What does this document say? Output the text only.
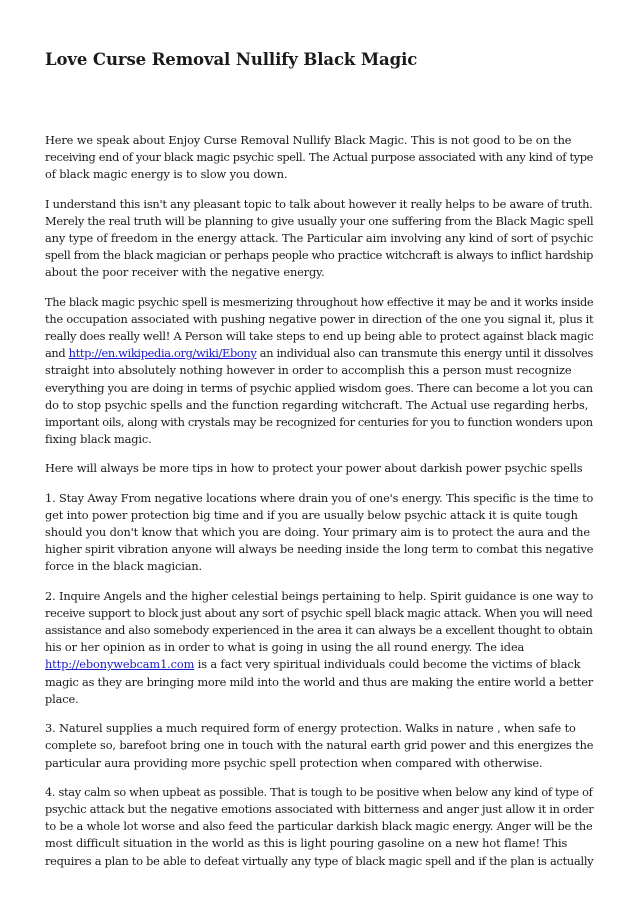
Love Curse Removal Nullify Black Magic

Here we speak about Enjoy Curse Removal Nullify Black Magic. This is not good to be on the
receiving end of your black magic psychic spell. The Actual purpose associated with any kind of type
of black magic energy is to slow you down.

I understand this isn't any pleasant topic to talk about however it really helps to be aware of truth.
Merely the real truth will be planning to give usually your one suffering from the Black Magic spell
any type of freedom in the energy attack. The Particular aim involving any kind of sort of psychic
spell from the black magician or perhaps people who practice witchcraft is always to inflict hardship
about the poor receiver with the negative energy.

The black magic psychic spell is mesmerizing throughout how effective it may be and it works inside
the occupation associated with pushing negative power in direction of the one you signal it, plus it
really does really well! A Person will take steps to end up being able to protect against black magic
and http://en.wikipedia.org/wiki/Ebony an individual also can transmute this energy until it dissolves
straight into absolutely nothing however in order to accomplish this a person must recognize
everything you are doing in terms of psychic applied wisdom goes. There can become a lot you can
do to stop psychic spells and the function regarding witchcraft. The Actual use regarding herbs,
important oils, along with crystals may be recognized for centuries for you to function wonders upon
fixing black magic.

Here will always be more tips in how to protect your power about darkish power psychic spells

1. Stay Away From negative locations where drain you of one's energy. This specific is the time to
get into power protection big time and if you are usually below psychic attack it is quite tough
should you don't know that which you are doing. Your primary aim is to protect the aura and the
higher spirit vibration anyone will always be needing inside the long term to combat this negative
force in the black magician.

2. Inquire Angels and the higher celestial beings pertaining to help. Spirit guidance is one way to
receive support to block just about any sort of psychic spell black magic attack. When you will need
assistance and also somebody experienced in the area it can always be a excellent thought to obtain
his or her opinion as in order to what is going in using the all round energy. The idea
http://ebonywebcam1.com is a fact very spiritual individuals could become the victims of black
magic as they are bringing more mild into the world and thus are making the entire world a better
place.

3. Naturel supplies a much required form of energy protection. Walks in nature , when safe to
complete so, barefoot bring one in touch with the natural earth grid power and this energizes the
particular aura providing more psychic spell protection when compared with otherwise.

4. stay calm so when upbeat as possible. That is tough to be positive when below any kind of type of
psychic attack but the negative emotions associated with bitterness and anger just allow it in order
to be a whole lot worse and also feed the particular darkish black magic energy. Anger will be the
most difficult situation in the world as this is light pouring gasoline on a new hot flame! This
requires a plan to be able to defeat virtually any type of black magic spell and if the plan is actually
